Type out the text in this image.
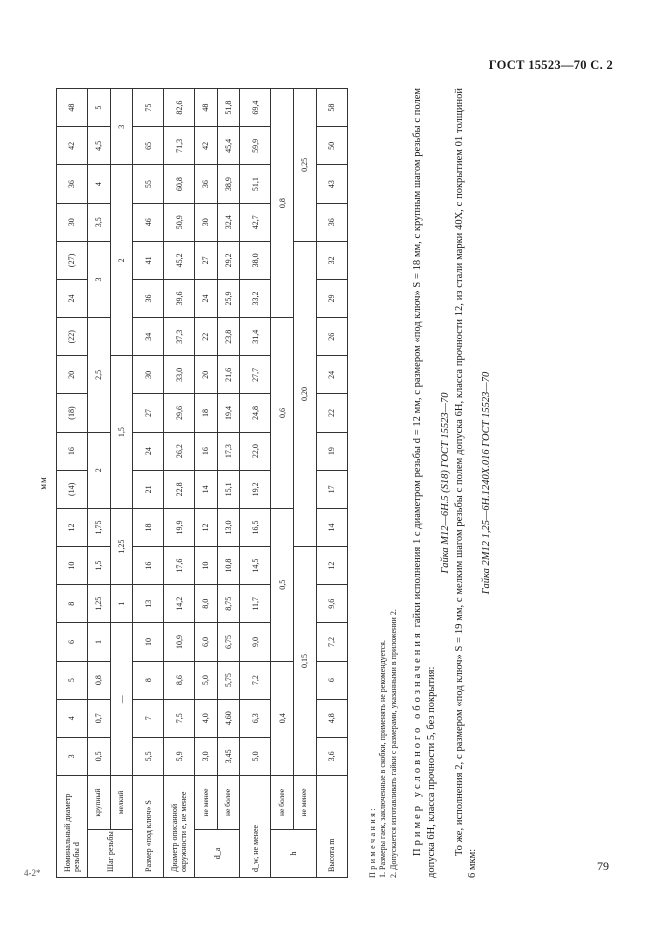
ГОСТ 15523—70 С. 2
4-2*	79
мм
Номинальный диаметр резьбы d		3	4	5	6	8	10	12	(14)	16	(18)	20	(22)	24	(27)	30	36	42	48
Шаг резьбы	крупный	0,5	0,7	0,8	1	1,25	1,5	1,75	2		2,5			3		3,5	4	4,5	5
	мелкий	—				1	1,25		1,5				2					3	
Размер «под ключ» S		5,5	7	8	10	13	16	18	21	24	27	30	34	36	41	46	55	65	75
Диаметр описанной окружности e, не менее		5,9	7,5	8,6	10,9	14,2	17,6	19,9	22,8	26,2	29,6	33,0	37,3	39,6	45,2	50,9	60,8	71,3	82,6
d_a	не менее	3,0	4,0	5,0	6,0	8,0	10	12	14	16	18	20	22	24	27	30	36	42	48
	не более	3,45	4,60	5,75	6,75	8,75	10,8	13,0	15,1	17,3	19,4	21,6	23,8	25,9	29,2	32,4	38,9	45,4	51,8
d_w, не менее		5,0	6,3	7,2	9,0	11,7	14,5	16,5	19,2	22,0	24,8	27,7	31,4	33,2	38,0	42,7	51,1	59,9	69,4
h	не более	0,4			0,5				0,6					0,8					
	не менее	0,15						0,20								0,25			
Высота m		3,6	4,8	6	7,2	9,6	12	14	17	19	22	24	26	29	32	36	43	50	58
Примечания: 1. Размеры гаек, заключенные в скобки, применять не рекомендуется. 2. Допускается изготавливать гайки с размерами, указанными в приложении 2. Пример условного обозначения гайки исполнения 1 с диаметром резьбы d = 12 мм, с размером «под ключ» S = 18 мм, с крупным шагом резьбы с полем допуска 6H, класса прочности 5, без покрытия:

Гайка М12—6Н.5 (S18) ГОСТ 15523—70 То же, исполнения 2, с размером «под ключ» S = 19 мм, с мелким шагом резьбы с полем допуска 6H, класса прочности 12, из стали марки 40Х, с покрытием 01 толщиной 6 мкм:

Гайка 2М12 1,25—6Н.1240Х.016 ГОСТ 15523—70
